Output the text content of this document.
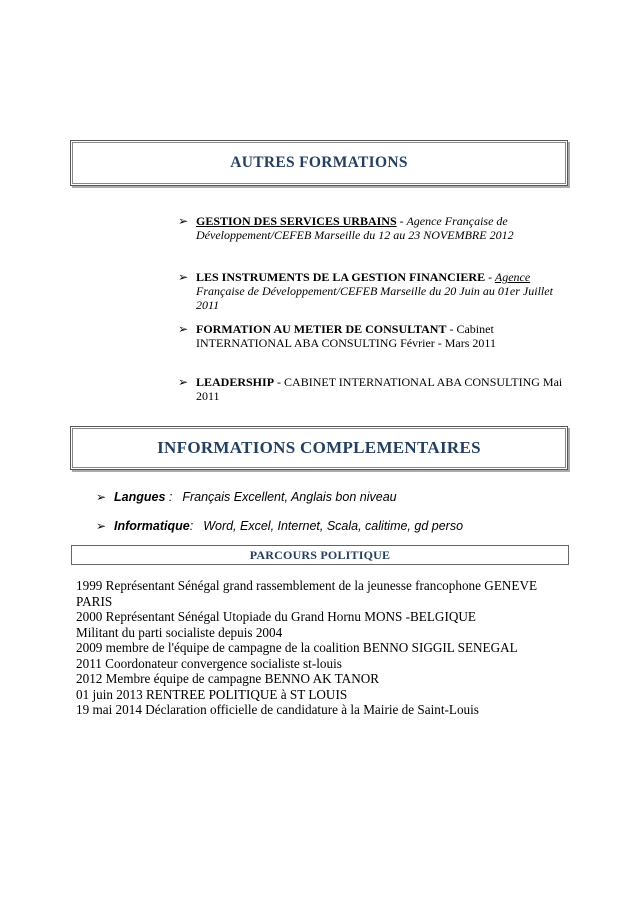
AUTRES FORMATIONS
➢ GESTION DES SERVICES URBAINS - Agence Française de
Développement/CEFEB Marseille du 12 au 23 NOVEMBRE 2012
➢ LES INSTRUMENTS DE LA GESTION FINANCIERE - Agence
Française de Développement/CEFEB Marseille du 20 Juin au 01er Juillet
2011
➢ FORMATION AU METIER DE CONSULTANT - Cabinet
INTERNATIONAL ABA CONSULTING Février - Mars 2011
➢ LEADERSHIP - CABINET INTERNATIONAL ABA CONSULTING Mai
2011
INFORMATIONS COMPLEMENTAIRES
➢ Langues : Français Excellent, Anglais bon niveau
➢ Informatique: Word, Excel, Internet, Scala, calitime, gd perso
PARCOURS POLITIQUE
1999 Représentant Sénégal grand rassemblement de la jeunesse francophone GENEVE
PARIS
2000 Représentant Sénégal Utopiade du Grand Hornu MONS -BELGIQUE
Militant du parti socialiste depuis 2004
2009 membre de l'équipe de campagne de la coalition BENNO SIGGIL SENEGAL
2011 Coordonateur convergence socialiste st-louis
2012 Membre équipe de campagne BENNO AK TANOR
01 juin 2013 RENTREE POLITIQUE à ST LOUIS
19 mai 2014 Déclaration officielle de candidature à la Mairie de Saint-Louis
